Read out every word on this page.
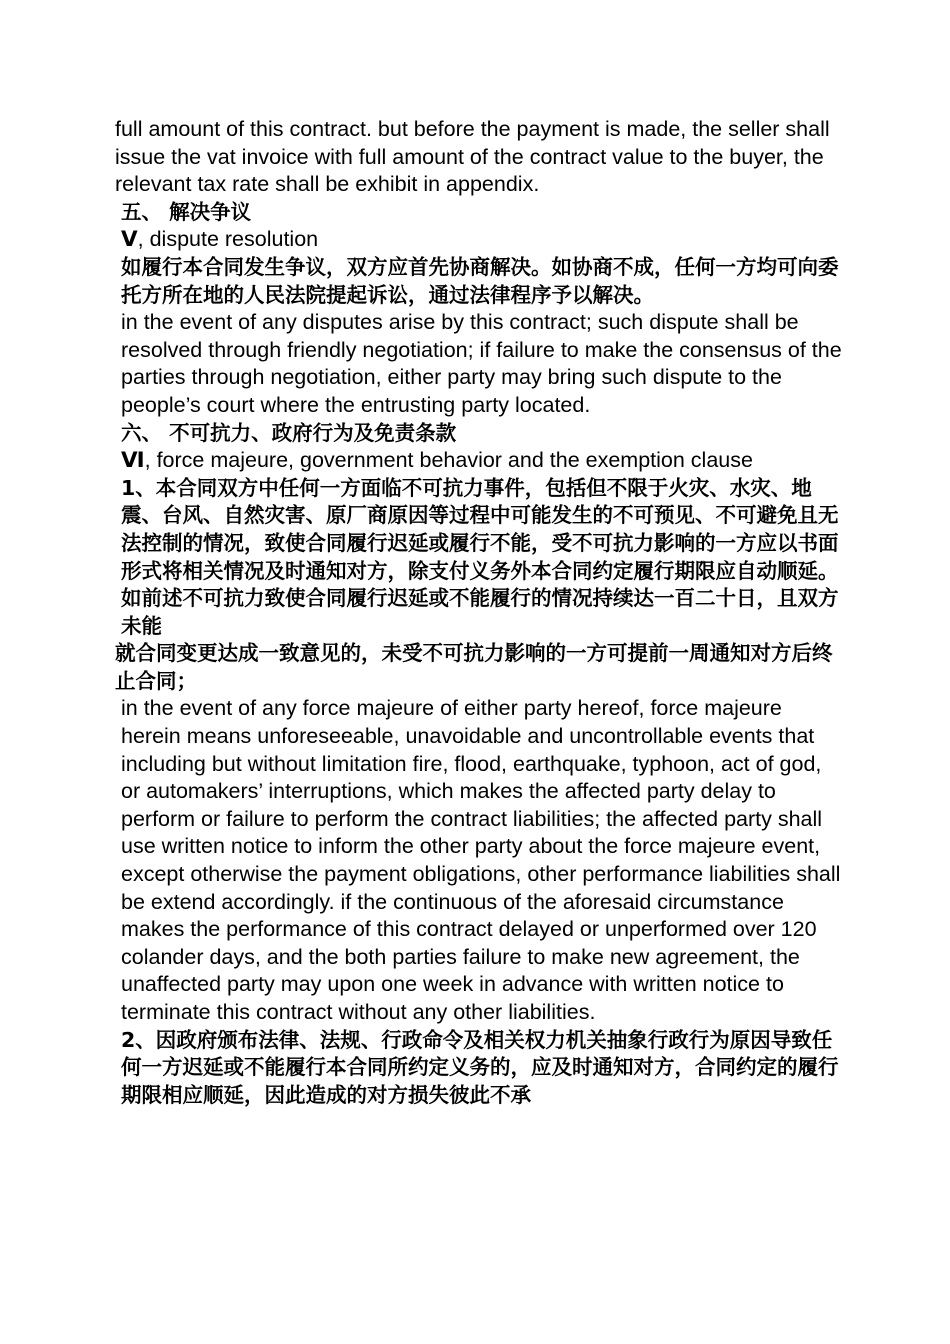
full amount of this contract. but before the payment is made, the seller shall issue the vat invoice with full amount of the contract value to the buyer, the relevant tax rate shall be exhibit in appendix.

五、 解决争议

Ⅴ, dispute resolution

如履行本合同发生争议，双方应首先协商解决。如协商不成，任何一方均可向委托方所在地的人民法院提起诉讼，通过法律程序予以解决。

in the event of any disputes arise by this contract; such dispute shall be resolved through friendly negotiation; if failure to make the consensus of the parties through negotiation, either party may bring such dispute to the people’s court where the entrusting party located.

六、 不可抗力、政府行为及免责条款

Ⅵ, force majeure, government behavior and the exemption clause

1、本合同双方中任何一方面临不可抗力事件，包括但不限于火灾、水灾、地震、台风、自然灾害、原厂商原因等过程中可能发生的不可预见、不可避免且无法控制的情况，致使合同履行迟延或履行不能，受不可抗力影响的一方应以书面形式将相关情况及时通知对方，除支付义务外本合同约定履行期限应自动顺延。如前述不可抗力致使合同履行迟延或不能履行的情况持续达一百二十日，且双方未能

就合同变更达成一致意见的，未受不可抗力影响的一方可提前一周通知对方后终止合同；

in the event of any force majeure of either party hereof, force majeure herein means unforeseeable, unavoidable and uncontrollable events that including but without limitation fire, flood, earthquake, typhoon, act of god, or automakers’ interruptions, which makes the affected party delay to perform or failure to perform the contract liabilities; the affected party shall use written notice to inform the other party about the force majeure event, except otherwise the payment obligations, other performance liabilities shall be extend accordingly. if the continuous of the aforesaid circumstance makes the performance of this contract delayed or unperformed over 120 colander days, and the both parties failure to make new agreement, the unaffected party may upon one week in advance with written notice to terminate this contract without any other liabilities.

2、因政府颁布法律、法规、行政命令及相关权力机关抽象行政行为原因导致任何一方迟延或不能履行本合同所约定义务的，应及时通知对方，合同约定的履行期限相应顺延，因此造成的对方损失彼此不承
